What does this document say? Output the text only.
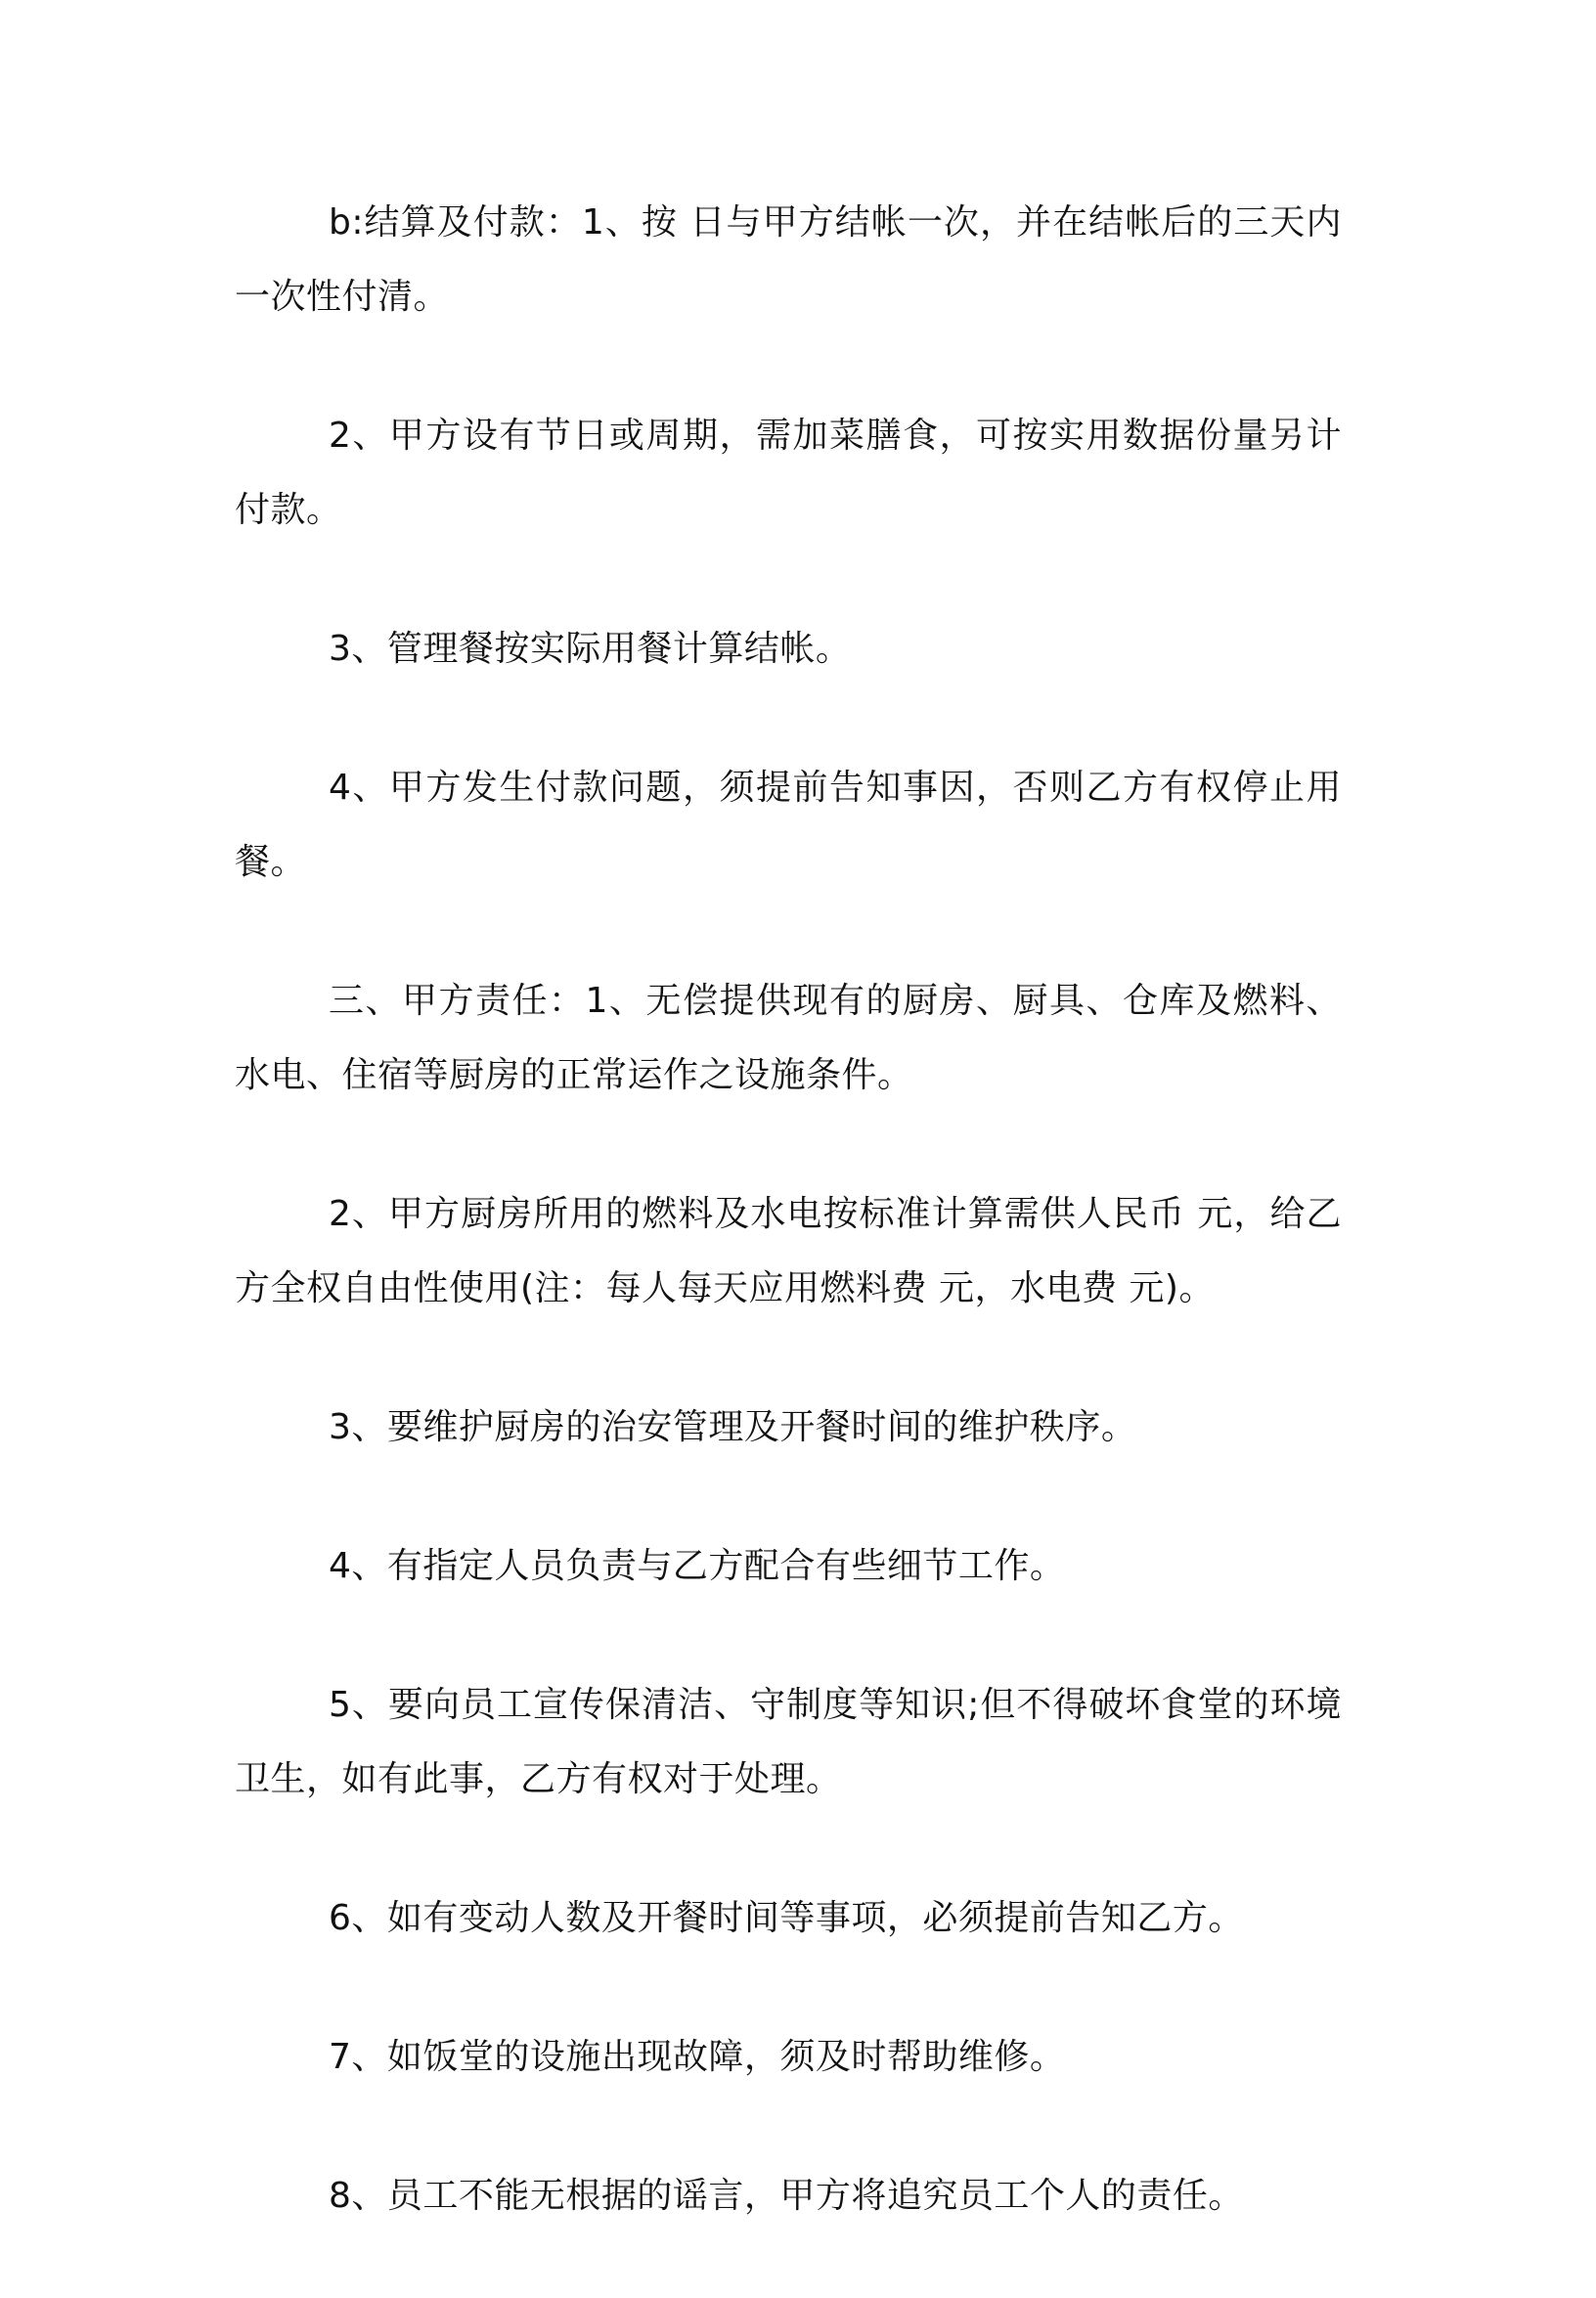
b:结算及付款：1、按 日与甲方结帐一次，并在结帐后的三天内一次性付清。

2、甲方设有节日或周期，需加菜膳食，可按实用数据份量另计付款。

3、管理餐按实际用餐计算结帐。

4、甲方发生付款问题，须提前告知事因，否则乙方有权停止用餐。

三、甲方责任：1、无偿提供现有的厨房、厨具、仓库及燃料、水电、住宿等厨房的正常运作之设施条件。

2、甲方厨房所用的燃料及水电按标准计算需供人民币 元，给乙方全权自由性使用(注：每人每天应用燃料费 元，水电费 元)。

3、要维护厨房的治安管理及开餐时间的维护秩序。

4、有指定人员负责与乙方配合有些细节工作。

5、要向员工宣传保清洁、守制度等知识;但不得破坏食堂的环境卫生，如有此事，乙方有权对于处理。

6、如有变动人数及开餐时间等事项，必须提前告知乙方。

7、如饭堂的设施出现故障，须及时帮助维修。

8、员工不能无根据的谣言，甲方将追究员工个人的责任。
